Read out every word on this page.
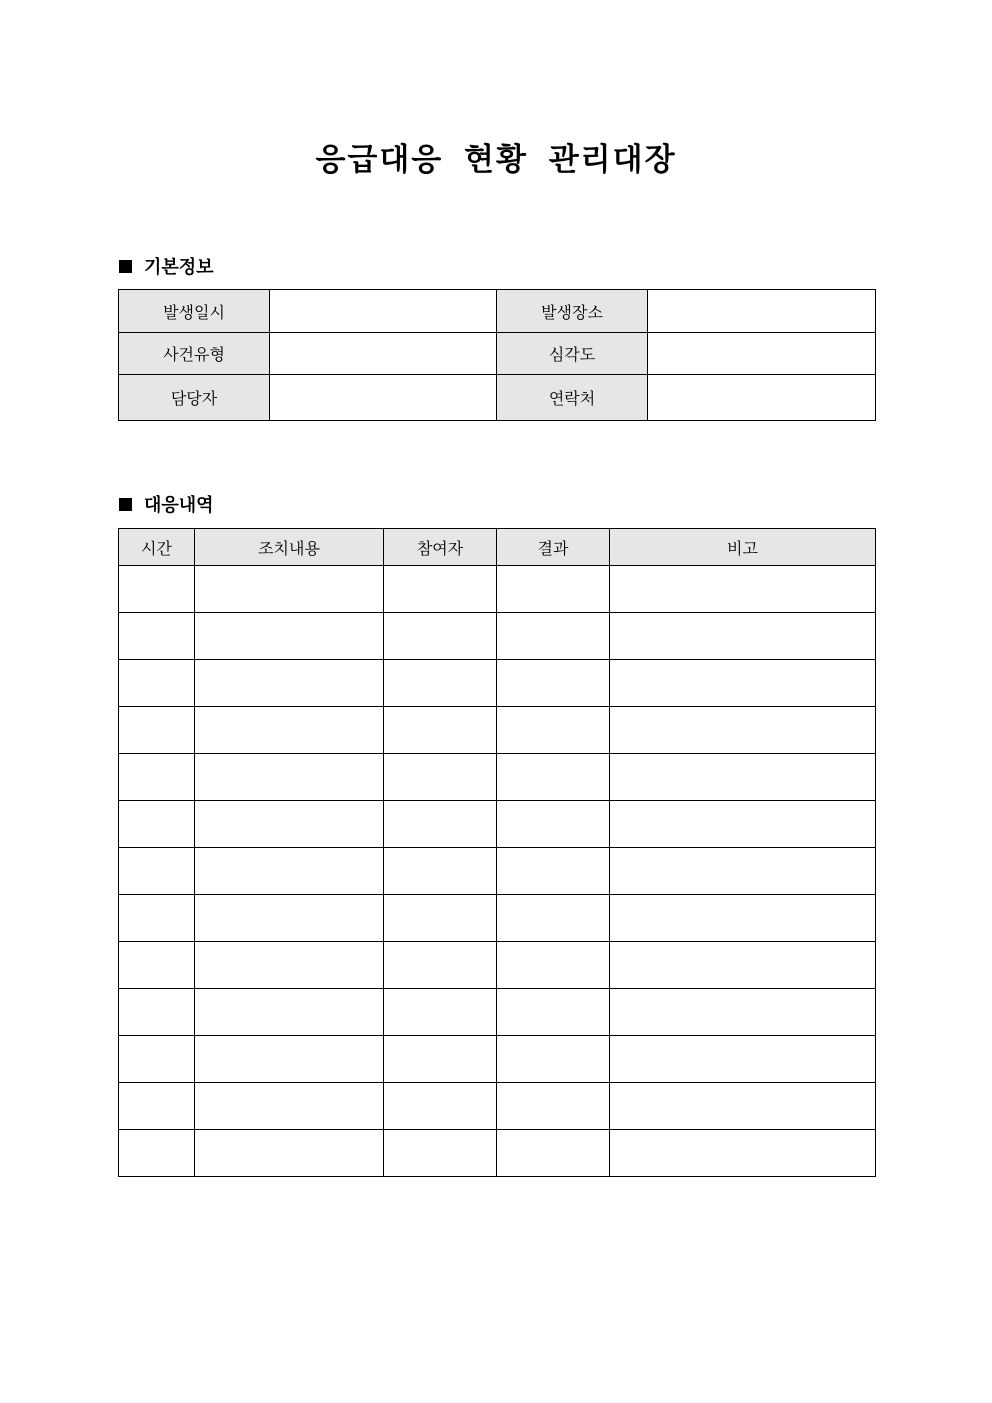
응급대응 현황 관리대장
기본정보
발생일시		발생장소	
사건유형		심각도	
담당자		연락처	
대응내역
시간	조치내용	참여자	결과	비고
